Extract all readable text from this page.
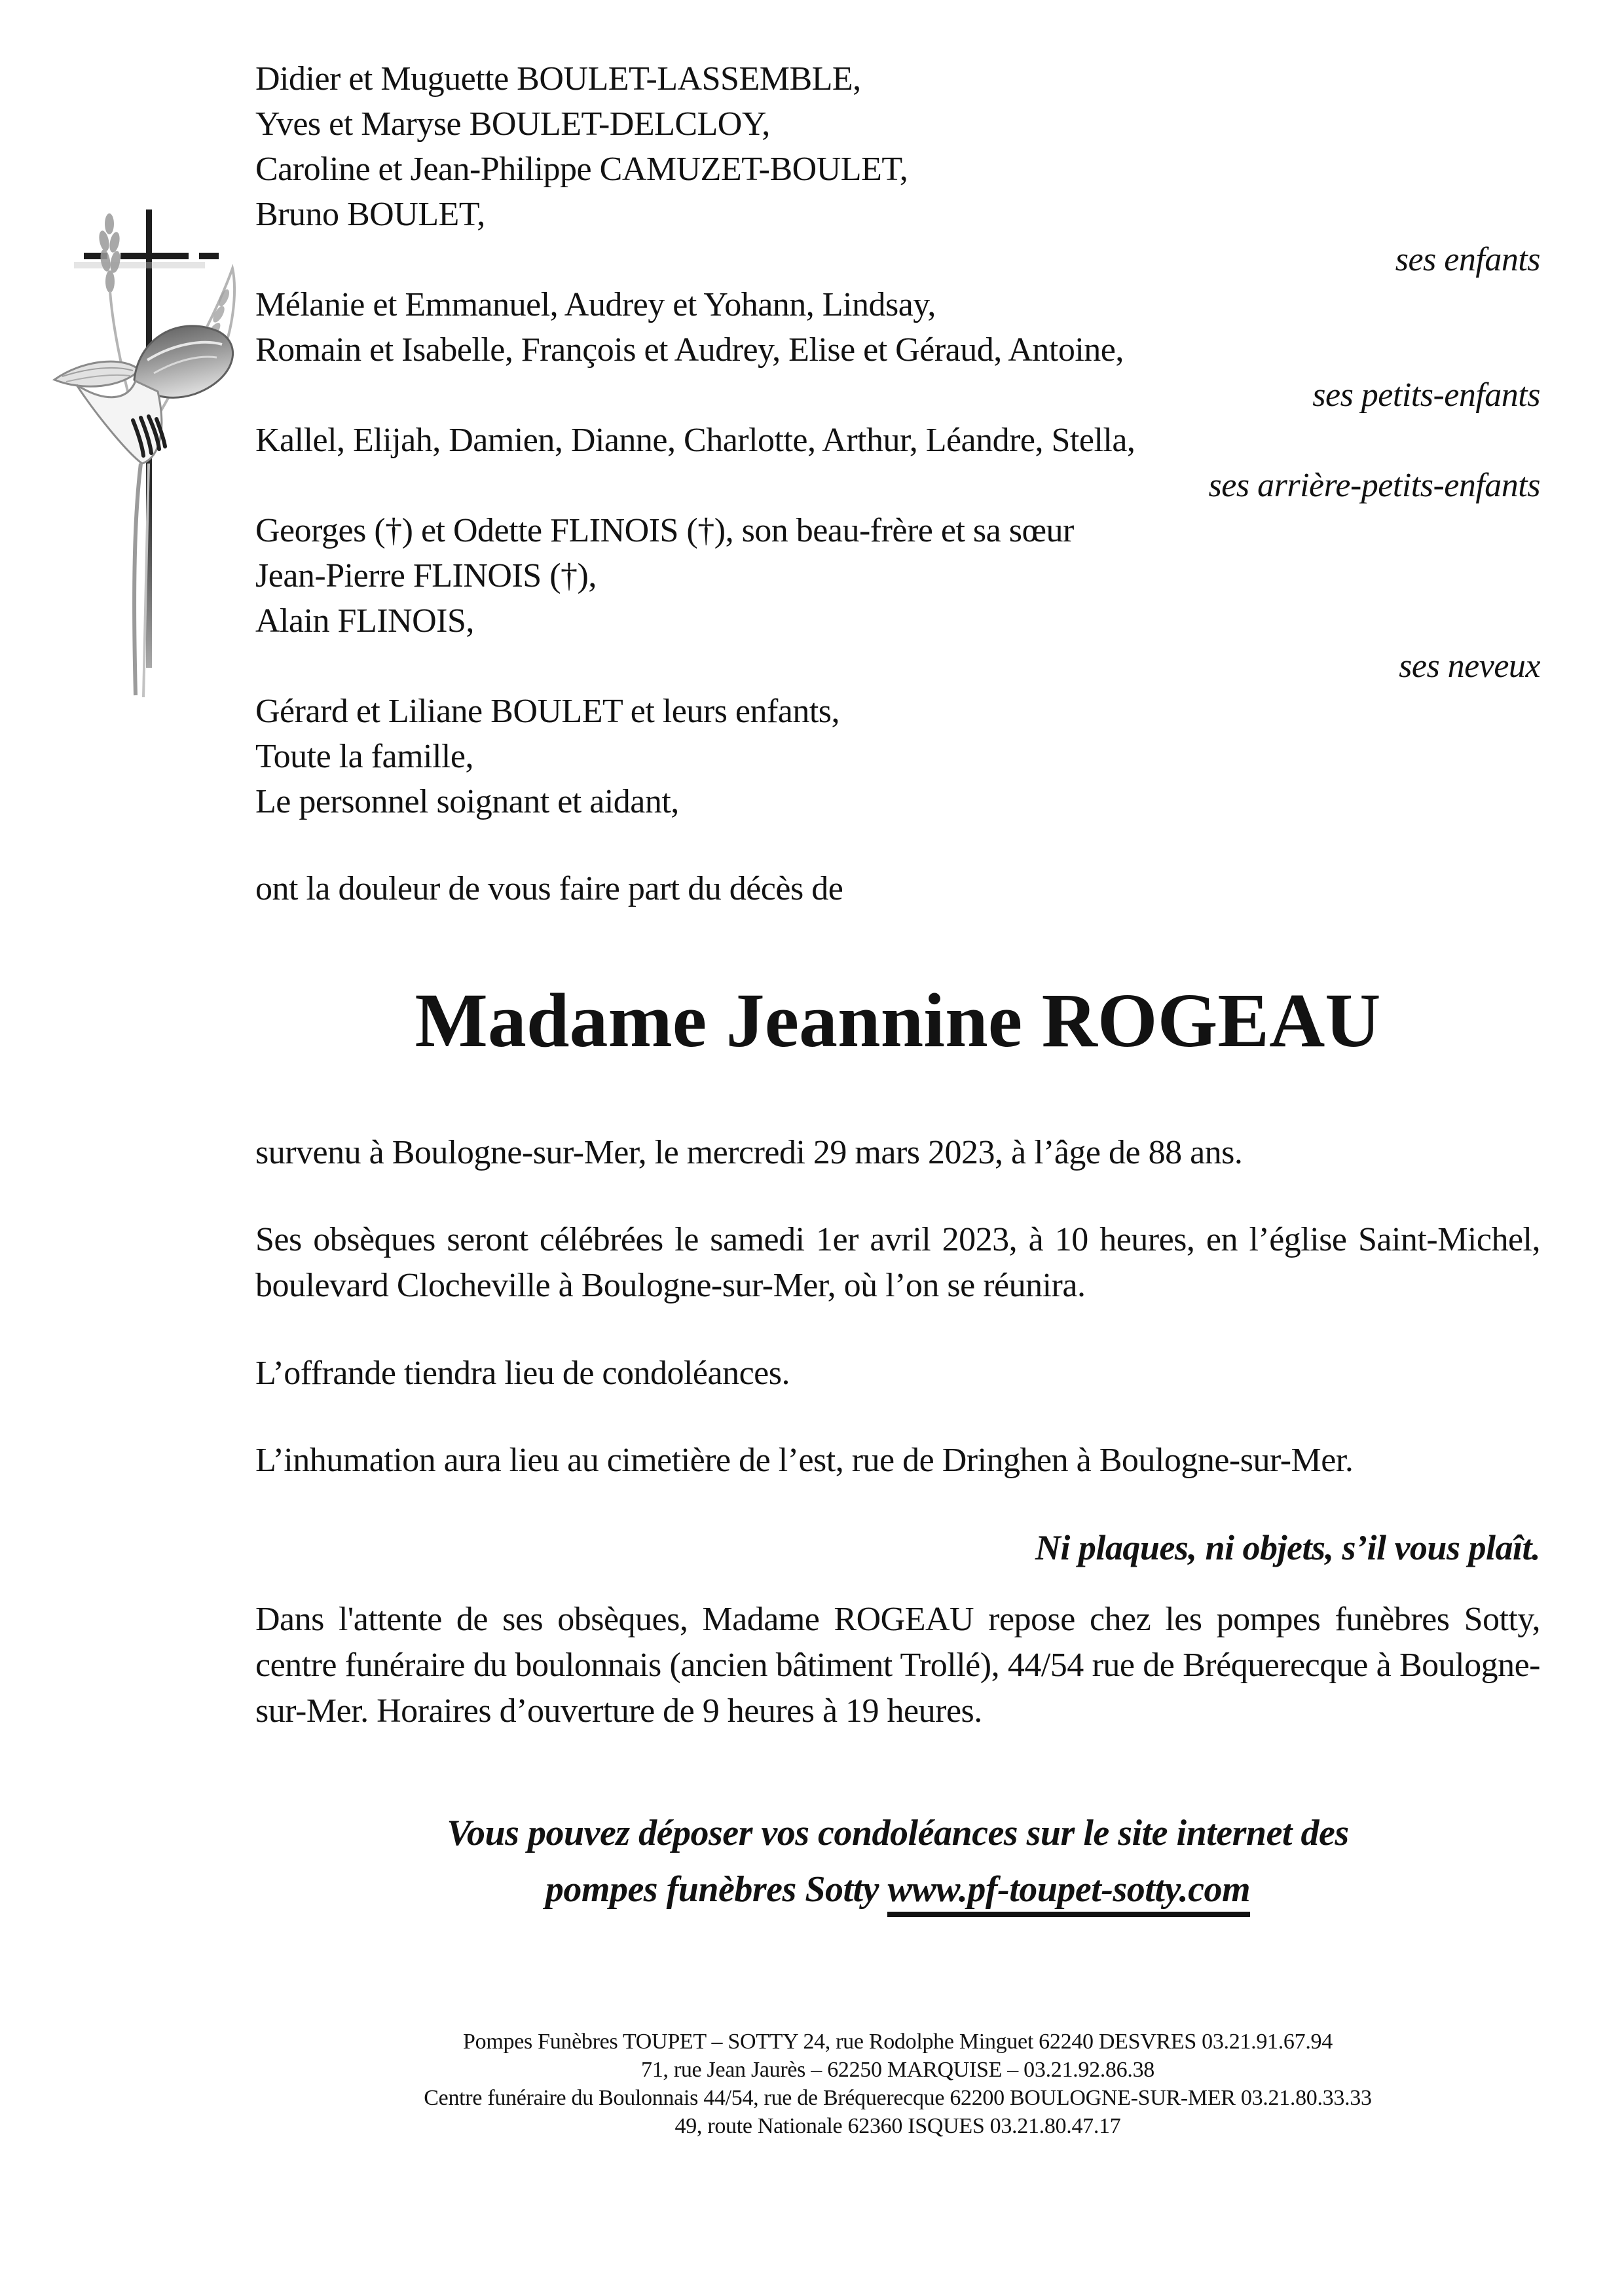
Didier et Muguette BOULET-LASSEMBLE,
Yves et Maryse BOULET-DELCLOY,
Caroline et Jean-Philippe CAMUZET-BOULET,
Bruno BOULET,
ses enfants
Mélanie et Emmanuel, Audrey et Yohann, Lindsay,
Romain et Isabelle, François et Audrey, Elise et Géraud, Antoine,
ses petits-enfants
Kallel, Elijah, Damien, Dianne, Charlotte, Arthur, Léandre, Stella,
ses arrière-petits-enfants
Georges (†) et Odette FLINOIS (†), son beau-frère et sa sœur
Jean-Pierre FLINOIS (†),
Alain FLINOIS,
ses neveux
Gérard et Liliane BOULET et leurs enfants,
Toute la famille,
Le personnel soignant et aidant,
ont la douleur de vous faire part du décès de
Madame Jeannine ROGEAU
survenu à Boulogne-sur-Mer, le mercredi 29 mars 2023, à l’âge de 88 ans.
Ses obsèques seront célébrées le samedi 1er avril 2023, à 10 heures, en l’église Saint-Michel, boulevard Clocheville à Boulogne-sur-Mer, où l’on se réunira.
L’offrande tiendra lieu de condoléances.
L’inhumation aura lieu au cimetière de l’est, rue de Dringhen à Boulogne-sur-Mer.
Ni plaques, ni objets, s’il vous plaît.
Dans l'attente de ses obsèques, Madame ROGEAU repose chez les pompes funèbres Sotty, centre funéraire du boulonnais (ancien bâtiment Trollé), 44/54 rue de Bréquerecque à Boulogne-sur-Mer. Horaires d’ouverture de 9 heures à 19 heures.
Vous pouvez déposer vos condoléances sur le site internet des
pompes funèbres Sotty www.pf-toupet-sotty.com
Pompes Funèbres TOUPET – SOTTY 24, rue Rodolphe Minguet 62240 DESVRES 03.21.91.67.94
71, rue Jean Jaurès – 62250 MARQUISE – 03.21.92.86.38
Centre funéraire du Boulonnais 44/54, rue de Bréquerecque 62200 BOULOGNE-SUR-MER 03.21.80.33.33
49, route Nationale 62360 ISQUES 03.21.80.47.17
